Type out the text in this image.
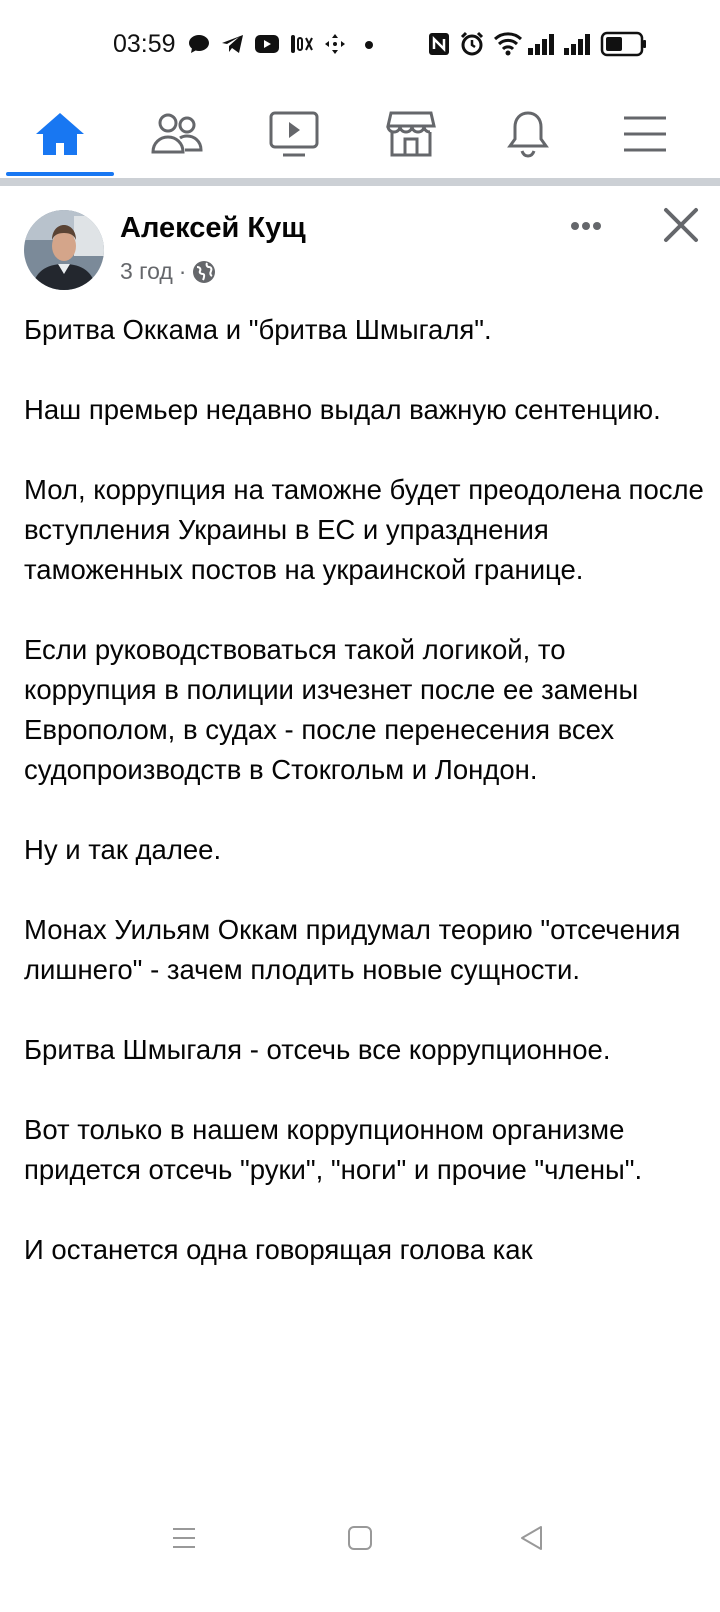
03:59
Алексей Кущ
3 год ·

Бритва Оккама и "бритва Шмыгаля".

Наш премьер недавно выдал важную сентенцию.

Мол, коррупция на таможне будет преодолена после вступления Украины в ЕС и упразднения таможенных постов на украинской границе.

Если руководствоваться такой логикой, то коррупция в полиции изчезнет после ее замены Европолом, в судах - после перенесения всех судопроизводств в Стокгольм и Лондон.

Ну и так далее.

Монах Уильям Оккам придумал теорию "отсечения лишнего" - зачем плодить новые сущности.

Бритва Шмыгаля - отсечь все коррупционное.

Вот только в нашем коррупционном организме придется отсечь "руки", "ноги" и прочие "члены".

И останется одна говорящая голова как
